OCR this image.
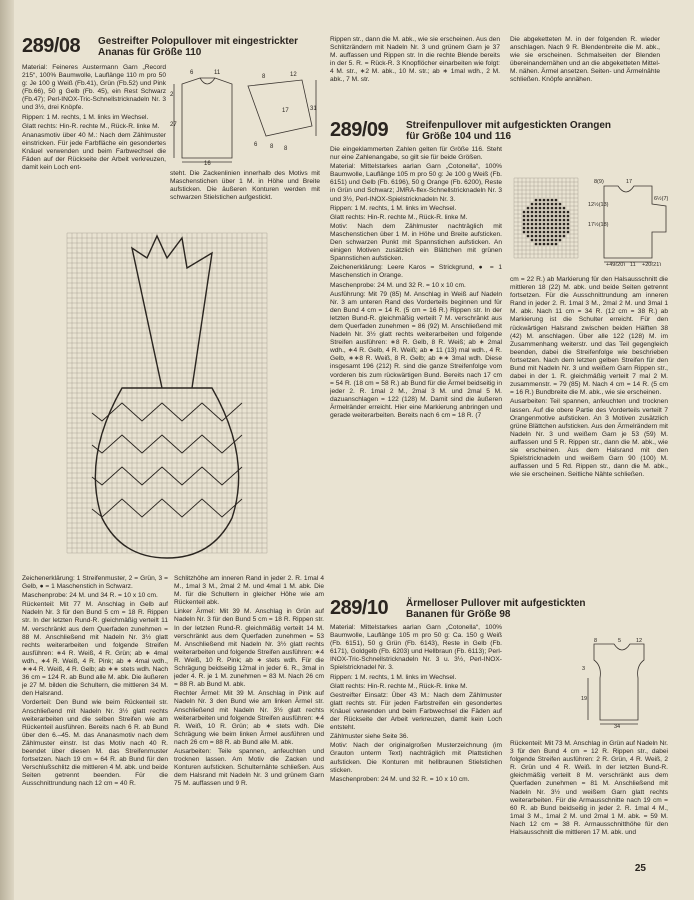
289/08 Gestreifter Polopullover mit eingestrickter
Ananas für Größe 110

Material: Feineres Austermann Garn „Record 215“, 100% Baumwolle, Lauflänge 110 m pro 50 g: Je 100 g Weiß (Fb.41), Grün (Fb.52) und Pink (Fb.66), 50 g Gelb (Fb. 45), ein Rest Schwarz (Fb.47); Perl-INOX-Tric-Schnellstricknadeln Nr. 3 und 3½, drei Knöpfe.

Rippen: 1 M. rechts, 1 M. links im Wechsel.

Glatt rechts: Hin-R. rechte M., Rück-R. linke M.

Ananasmotiv über 40 M.: Nach dem Zählmuster einstricken. Für jede Farbfläche ein gesondertes Knäuel verwenden und beim Farbwechsel die Fäden auf der Rückseite der Arbeit verkreuzen, damit kein Loch ent-

6	11
16
2
8	12
27
17
6 8 8
31

steht. Die Zackenlinien innerhalb des Motivs mit Maschenstichen über 1 M. in Höhe und Breite aufsticken. Die äußeren Konturen werden mit schwarzen Stielstichen aufgestickt.

Zeichenerklärung: 1 Streifenmuster, 2 = Grün, 3 = Gelb, ● = 1 Maschenstich in Schwarz.

Maschenprobe: 24 M. und 34 R. = 10 x 10 cm.

Rückenteil: Mit 77 M. Anschlag in Gelb auf Nadeln Nr. 3 für den Bund 5 cm = 18 R. Rippen str. In der letzten Rund-R. gleichmäßig verteilt 11 M. verschränkt aus dem Querfaden zunehmen = 88 M. Anschließend mit Nadeln Nr. 3½ glatt rechts weiterarbeiten und folgende Streifen ausführen: ∗4 R. Weiß, 4 R. Grün; ab ∗ 4mal wdh., ∗4 R. Weiß, 4 R. Pink; ab ∗ 4mal wdh., ∗∗4 R. Weiß, 4 R. Gelb; ab ∗∗ stets wdh. Nach 36 cm = 124 R. ab Bund alle M. abk. Die äußeren je 27 M. bilden die Schultern, die mittleren 34 M. den Halsrand.

Vorderteil: Den Bund wie beim Rückenteil str. Anschließend mit Nadeln Nr. 3½ glatt rechts weiterarbeiten und die selben Streifen wie am Rückenteil ausführen. Bereits nach 6 R. ab Bund über den 6.–45. M. das Ananasmotiv nach dem Zählmuster einstr. Ist das Motiv nach 40 R. beendet über diesen M. das Streifenmuster fortsetzen. Nach 19 cm = 64 R. ab Bund für den Verschlußschlitz die mittleren 4 M. abk. und beide Seiten getrennt beenden. Für die Ausschnittrundung nach 12 cm = 40 R.

Schlitzhöhe am inneren Rand in jeder 2. R. 1mal 4 M., 1mal 3 M., 2mal 2 M. und 4mal 1 M. abk. Die M. für die Schultern in gleicher Höhe wie am Rückenteil abk.

Linker Ärmel: Mit 39 M. Anschlag in Grün auf Nadeln Nr. 3 für den Bund 5 cm = 18 R. Rippen str. In der letzten Rund-R. gleichmäßig verteilt 14 M. verschränkt aus dem Querfaden zunehmen = 53 M. Anschließend mit Nadeln Nr. 3½ glatt rechts weiterarbeiten und folgende Streifen ausführen: ∗4 R. Weiß, 10 R. Pink; ab ∗ stets wdh. Für die Schrägung beidseitig 12mal in jeder 6. R., 3mal in jeder 4. R. je 1 M. zunehmen = 83 M. Nach 26 cm = 88 R. ab Bund M. abk.

Rechter Ärmel: Mit 39 M. Anschlag in Pink auf Nadeln Nr. 3 den Bund wie am linken Ärmel str. Anschließend mit Nadeln Nr. 3½ glatt rechts weiterarbeiten und folgende Streifen ausführen: ∗4 R. Weiß, 10 R. Grün; ab ∗ stets wdh. Die Schrägung wie beim linken Ärmel ausführen und nach 26 cm = 88 R. ab Bund alle M. abk.

Ausarbeiten: Teile spannen, anfeuchten und trocknen lassen. Am Motiv die Zacken und Konturen aufsticken. Schulternähte schließen. Aus dem Halsrand mit Nadeln Nr. 3 und grünem Garn 75 M. auffassen und 9 R.

Rippen str., dann die M. abk., wie sie erscheinen. Aus den Schlitzrändern mit Nadeln Nr. 3 und grünem Garn je 37 M. auffassen und Rippen str. In die rechte Blende bereits in der 5. R. = Rück-R. 3 Knopflöcher einarbeiten wie folgt: 4 M. str., ∗2 M. abk., 10 M. str.; ab ∗ 1mal wdh., 2 M. abk., 7 M. str.

Die abgeketteten M. in der folgenden R. wieder anschlagen. Nach 9 R. Blendenbreite die M. abk., wie sie erscheinen. Schmalseiten der Blenden übereinandernähen und an die abgeketteten Mittel-M. nähen. Ärmel ansetzen. Seiten- und Ärmelnähte schließen. Knöpfe annähen.

289/09 Streifenpullover mit aufgestickten Orangen
für Größe 104 und 116

Die eingeklammerten Zahlen gelten für Größe 116. Steht nur eine Zahlenangabe, so gilt sie für beide Größen.

Material: Mittelstarkes aarlan Garn „Cotonella“, 100% Baumwolle, Lauflänge 105 m pro 50 g: Je 100 g Weiß (Fb. 6151) und Gelb (Fb. 6196), 50 g Orange (Fb. 6200), Reste in Grün und Schwarz; JMRA-flex-Schnellstricknadeln Nr. 3 und 3½, Perl-INOX-Spielstricknadeln Nr. 3.

Rippen: 1 M. rechts, 1 M. links im Wechsel.

Glatt rechts: Hin-R. rechte M., Rück-R. linke M.

Motiv: Nach dem Zählmuster nachträglich mit Maschenstichen über 1 M. in Höhe und Breite aufsticken. Den schwarzen Punkt mit Spannstichen aufsticken. An einigen Motiven zusätzlich ein Blättchen mit grünen Spannstichen aufsticken.

Zeichenerklärung: Leere Karos = Strickgrund, ● = 1 Maschenstich in Orange.

Maschenprobe: 24 M. und 32 R. = 10 x 10 cm.

Ausführung: Mit 79 (85) M. Anschlag in Weiß auf Nadeln Nr. 3 am unteren Rand des Vorderteils beginnen und für den Bund 4 cm = 14 R. (5 cm = 16 R.) Rippen str. In der letzten Bund-R. gleichmäßig verteilt 7 M. verschränkt aus dem Querfaden zunehmen = 86 (92) M. Anschließend mit Nadeln Nr. 3½ glatt rechts weiterarbeiten und folgende Streifen ausführen: ∗8 R. Gelb, 8 R. Weiß; ab ∗ 2mal wdh., ∗4 R. Gelb, 4 R. Weiß; ab ● 11 (13) mal wdh., 4 R. Gelb, ∗∗8 R. Weiß, 8 R. Gelb; ab ∗∗ 3mal wdh. Diese insgesamt 196 (212) R. sind die ganze Streifenfolge vom vorderen bis zum rückwärtigen Bund. Bereits nach 17 cm = 54 R. (18 cm = 58 R.) ab Bund für die Ärmel beidseitig in jeder 2. R. 1mal 2 M., 2mal 3 M. und 2mal 5 M. dazuanschlagen = 122 (128) M. Damit sind die äußeren Ärmelränder erreicht. Hier eine Markierung anbringen und gerade weiterarbeiten. Bereits nach 6 cm = 18 R. (7

8(9)	17
12½(13)
6½(7)
17½(18)
+49(20) 11 +20(21)

cm = 22 R.) ab Markierung für den Halsausschnitt die mittleren 18 (22) M. abk. und beide Seiten getrennt fortsetzen. Für die Ausschnittrundung am inneren Rand in jeder 2. R. 1mal 3 M., 2mal 2 M. und 3mal 1 M. abk. Nach 11 cm = 34 R. (12 cm = 38 R.) ab Markierung ist die Schulter erreicht. Für den rückwärtigen Halsrand zwischen beiden Hälften 38 (42) M. anschlagen. Über alle 122 (128) M. im Zusammenhang weiterstr. und das Teil gegengleich beenden, dabei die Streifenfolge wie beschrieben fortsetzen. Nach dem letzten gelben Streifen für den Bund mit Nadeln Nr. 3 und weißem Garn Rippen str., dabei in der 1. R. gleichmäßig verteilt 7 mal 2 M. zusammenstr. = 79 (85) M. Nach 4 cm = 14 R. (5 cm = 16 R.) Bundbreite die M. abk., wie sie erscheinen.

Ausarbeiten: Teil spannen, anfeuchten und trocknen lassen. Auf die obere Partie des Vorderteils verteilt 7 Orangenmotive aufsticken. An 3 Motiven zusätzlich grüne Blättchen aufsticken. Aus den Ärmelrändern mit Nadeln Nr. 3 und weißem Garn je 53 (59) M. auffassen und 5 R. Rippen str., dann die M. abk., wie sie erscheinen. Aus dem Halsrand mit den Spielstricknadeln und weißem Garn 90 (100) M. auffassen und 5 Rd. Rippen str., dann die M. abk., wie sie erscheinen. Seitliche Nähte schließen.

289/10 Ärmelloser Pullover mit aufgestickten
Bananen für Größe 98

Material: Mittelstarkes aarlan Garn „Cotonella“, 100% Baumwolle, Lauflänge 105 m pro 50 g: Ca. 150 g Weiß (Fb. 6151), 50 g Grün (Fb. 6143), Reste in Gelb (Fb. 6171), Goldgelb (Fb. 6203) und Hellbraun (Fb. 6113); Perl-INOX-Tric-Schnellstricknadeln Nr. 3 u. 3½, Perl-INOX-Spielstricknadel Nr. 3.

Rippen: 1 M. rechts, 1 M. links im Wechsel.

Glatt rechts: Hin-R. rechte M., Rück-R. linke M.

Gestreifter Einsatz: Über 43 M.: Nach dem Zählmuster glatt rechts str. Für jeden Farbstreifen ein gesondertes Knäuel verwenden und beim Farbwechsel die Fäden auf der Rückseite der Arbeit verkreuzen, damit kein Loch entsteht.

Zählmuster siehe Seite 36.

Motiv: Nach der originalgroßen Musterzeichnung (im Grauton unterm Text) nachträglich mit Plattstichen aufsticken. Die Konturen mit hellbraunen Stielstichen sticken.

Maschenproben: 24 M. und 32 R. = 10 x 10 cm.

8	5	12
3
19
34

Rückenteil: Mit 73 M. Anschlag in Grün auf Nadeln Nr. 3 für den Bund 4 cm = 12 R. Rippen str., dabei folgende Streifen ausführen: 2 R. Grün, 4 R. Weiß, 2 R. Grün und 4 R. Weiß. In der letzten Bund-R. gleichmäßig verteilt 8 M. verschränkt aus dem Querfaden zunehmen = 81 M. Anschließend mit Nadeln Nr. 3½ und weißem Garn glatt rechts weiterarbeiten. Für die Armausschnitte nach 19 cm = 60 R. ab Bund beidseitig in jeder 2. R. 1mal 4 M., 1mal 3 M., 1mal 2 M. und 2mal 1 M. abk. = 59 M. Nach 12 cm = 38 R. Armausschnitthöhe für den Halsausschnitt die mittleren 17 M. abk. und

25
